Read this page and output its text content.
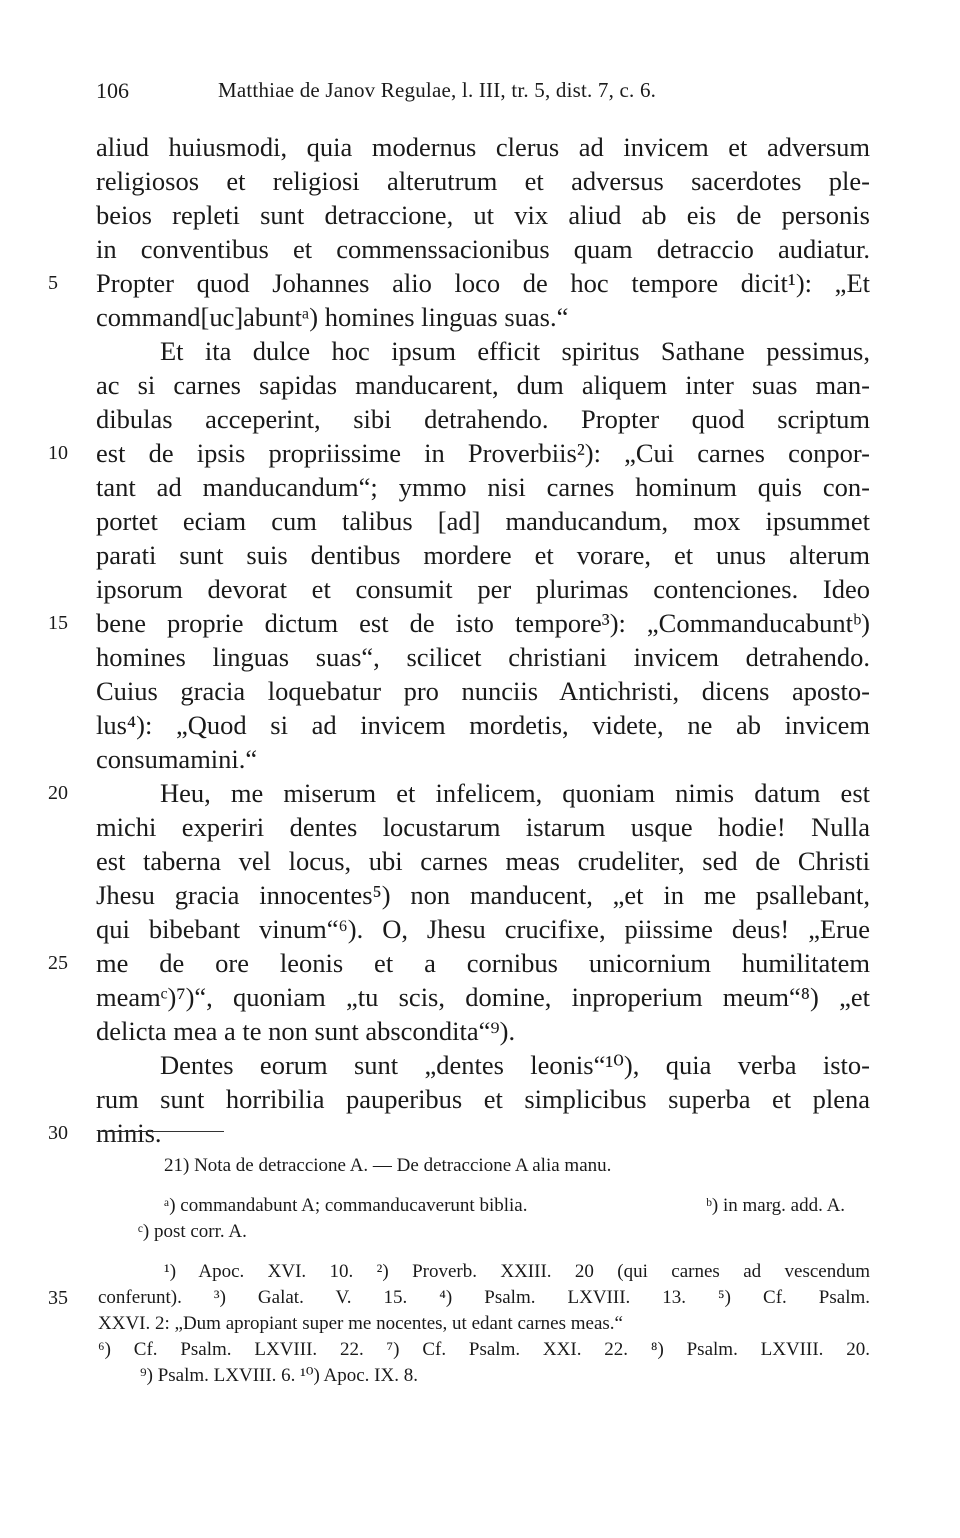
106	Matthiae de Janov Regulae, l. III, tr. 5, dist. 7, c. 6.
aliud huiusmodi, quia modernus clerus ad invicem et adversum
religiosos et religiosi alterutrum et adversus sacerdotes ple-
beios repleti sunt detraccione, ut vix aliud ab eis de personis
in conventibus et commenssacionibus quam detraccio audiatur.
Propter quod Johannes alio loco de hoc tempore dicit¹): „Et
command[uc]abuntᵃ) homines linguas suas.“
Et ita dulce hoc ipsum efficit spiritus Sathane pessimus,
ac si carnes sapidas manducarent, dum aliquem inter suas man-
dibulas acceperint, sibi detrahendo. Propter quod scriptum
est de ipsis propriissime in Proverbiis²): „Cui carnes conpor-
tant ad manducandum“; ymmo nisi carnes hominum quis con-
portet eciam cum talibus [ad] manducandum, mox ipsummet
parati sunt suis dentibus mordere et vorare, et unus alterum
ipsorum devorat et consumit per plurimas contenciones. Ideo
bene proprie dictum est de isto tempore³): „Commanducabuntᵇ)
homines linguas suas“, scilicet christiani invicem detrahendo.
Cuius gracia loquebatur pro nunciis Antichristi, dicens apostο-
lus⁴): „Quod si ad invicem mordetis, videte, ne ab invicem
consumamini.“
Heu, me miserum et infelicem, quoniam nimis datum est
michi experiri dentes locustarum istarum usque hodie! Nulla
est taberna vel locus, ubi carnes meas crudeliter, sed de Christi
Jhesu gracia innocentes⁵) non manducent, „et in me psallebant,
qui bibebant vinum“⁶). O, Jhesu crucifixe, piissime deus! „Erue
me de ore leonis et a cornibus unicornium humilitatem
meamᶜ)⁷)“, quoniam „tu scis, domine, inproperium meum“⁸) „et
delicta mea a te non sunt abscondita“⁹).
Dentes eorum sunt „dentes leonis“¹⁰), quia verba isto-
rum sunt horribilia pauperibus et simplicibus superba et plena
minis.
5
10
15
20
25
30
21) Nota de detraccione A. — De detraccione A alia manu.
ᵃ) commandabunt A; commanducaverunt biblia.	ᵇ) in marg. add. A.
ᶜ) post corr. A.
¹) Apoc. XVI. 10. ²) Proverb. XXIII. 20 (qui carnes ad vescendum
conferunt). ³) Galat. V. 15. ⁴) Psalm. LXVIII. 13. ⁵) Cf. Psalm.
XXVI. 2: „Dum apropiant super me nocentes, ut edant carnes meas.“
⁶) Cf. Psalm. LXVIII. 22. ⁷) Cf. Psalm. XXI. 22. ⁸) Psalm. LXVIII. 20.
⁹) Psalm. LXVIII. 6. ¹⁰) Apoc. IX. 8.
35
